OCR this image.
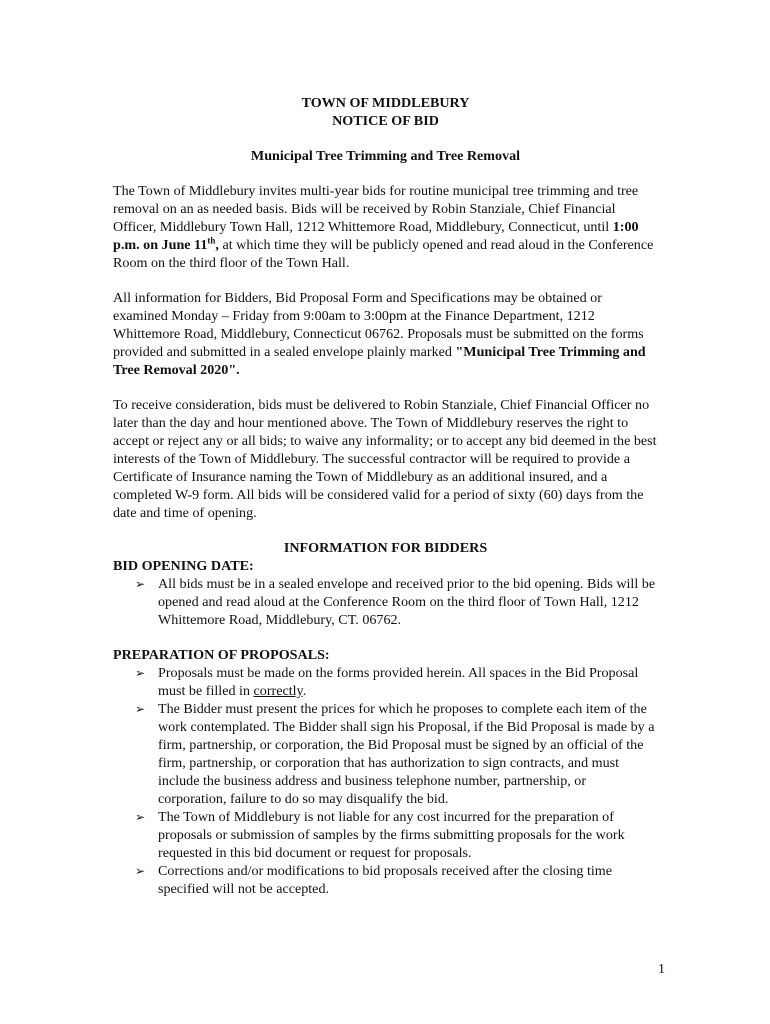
TOWN OF MIDDLEBURY

NOTICE OF BID

Municipal Tree Trimming and Tree Removal

The Town of Middlebury invites multi-year bids for routine municipal tree trimming and tree removal on an as needed basis. Bids will be received by Robin Stanziale, Chief Financial Officer, Middlebury Town Hall, 1212 Whittemore Road, Middlebury, Connecticut, until 1:00 p.m. on June 11th, at which time they will be publicly opened and read aloud in the Conference Room on the third floor of the Town Hall.

All information for Bidders, Bid Proposal Form and Specifications may be obtained or examined Monday – Friday from 9:00am to 3:00pm at the Finance Department, 1212 Whittemore Road, Middlebury, Connecticut 06762. Proposals must be submitted on the forms provided and submitted in a sealed envelope plainly marked "Municipal Tree Trimming and Tree Removal 2020".

To receive consideration, bids must be delivered to Robin Stanziale, Chief Financial Officer no later than the day and hour mentioned above. The Town of Middlebury reserves the right to accept or reject any or all bids; to waive any informality; or to accept any bid deemed in the best interests of the Town of Middlebury. The successful contractor will be required to provide a Certificate of Insurance naming the Town of Middlebury as an additional insured, and a completed W-9 form. All bids will be considered valid for a period of sixty (60) days from the date and time of opening.

INFORMATION FOR BIDDERS

BID OPENING DATE:

➢ All bids must be in a sealed envelope and received prior to the bid opening. Bids will be opened and read aloud at the Conference Room on the third floor of Town Hall, 1212 Whittemore Road, Middlebury, CT. 06762.

PREPARATION OF PROPOSALS:

➢ Proposals must be made on the forms provided herein. All spaces in the Bid Proposal must be filled in correctly.
➢ The Bidder must present the prices for which he proposes to complete each item of the work contemplated. The Bidder shall sign his Proposal, if the Bid Proposal is made by a firm, partnership, or corporation, the Bid Proposal must be signed by an official of the firm, partnership, or corporation that has authorization to sign contracts, and must include the business address and business telephone number, partnership, or corporation, failure to do so may disqualify the bid.
➢ The Town of Middlebury is not liable for any cost incurred for the preparation of proposals or submission of samples by the firms submitting proposals for the work requested in this bid document or request for proposals.
➢ Corrections and/or modifications to bid proposals received after the closing time specified will not be accepted.
1
